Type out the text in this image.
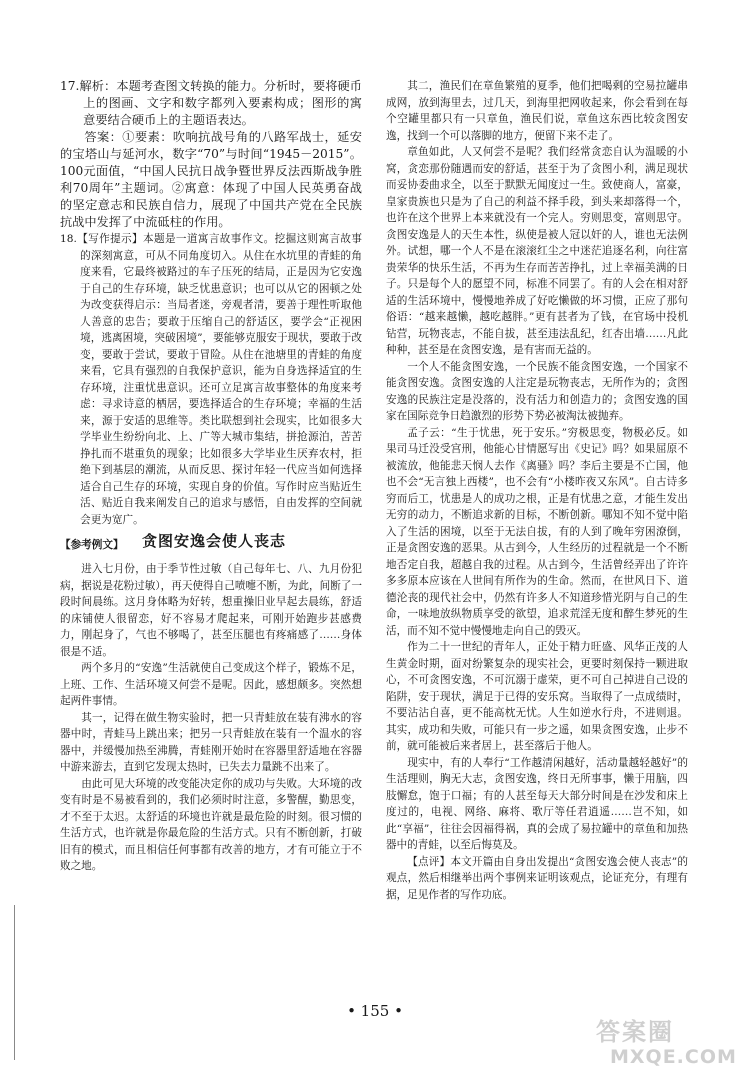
17.解析：本题考查图文转换的能力。分析时，要将硬币上的图画、文字和数字都列入要素构成；图形的寓意要结合硬币上的主题语表达。

答案：①要素：吹响抗战号角的八路军战士，延安的宝塔山与延河水，数字“70”与时间“1945－2015”。100元面值，“中国人民抗日战争暨世界反法西斯战争胜利70周年”主题词。②寓意：体现了中国人民英勇奋战的坚定意志和民族自信力，展现了中国共产党在全民族抗战中发挥了中流砥柱的作用。

18.【写作提示】本题是一道寓言故事作文。挖掘这则寓言故事的深刻寓意，可从不同角度切入。从住在水坑里的青蛙的角度来看，它最终被路过的车子压死的结局，正是因为它安逸于自己的生存环境，缺乏忧患意识；也可以从它的困顿之处为改变获得启示：当局者迷，旁观者清，要善于理性听取他人善意的忠告；要敢于压缩自己的舒适区，要学会“正视困境，逃离困境，突破困境”，要能够克服安于现状，要敢于改变，要敢于尝试，要敢于冒险。从住在池塘里的青蛙的角度来看，它具有强烈的自我保护意识，能为自身选择适宜的生存环境，注重忧患意识。还可立足寓言故事整体的角度来考虑：寻求诗意的栖居，要选择适合的生存环境；幸福的生活来，源于安适的思维等。类比联想到社会现实，比如很多大学毕业生纷纷向北、上、广等大城市集结，拼抢源泊，苦苦挣扎而不堪重负的现象；比如很多大学毕业生厌弃农村，拒绝下到基层的潮流，从而反思、探讨年轻一代应当如何选择适合自己生存的环境，实现自身的价值。写作时应当贴近生活、贴近自我来阐发自己的追求与感悟，自由发挥的空间就会更为宽广。

【参考例文】 贪图安逸会使人丧志

进入七月份，由于季节性过敏（自己每年七、八、九月份犯病，据说是花粉过敏），再天使得自己喷嚏不断，为此，间断了一段时间晨练。这月身体略为好转，想重操旧业早起去晨练，舒适的床铺使人很留恋，好不容易才爬起来，可刚开始跑步甚感费力，刚起身了，气也不够喝了，甚至压腿也有疼痛感了……身体很是不适。

两个多月的“安逸”生活就使自己变成这个样子，锻炼不足，上班、工作、生活环境又何尝不是呢。因此，感想颇多。突然想起两件事情。

其一，记得在做生物实验时，把一只青蛙放在装有沸水的容器中时，青蛙马上跳出来；把另一只青蛙放在装有一个温水的容器中，并缓慢加热至沸腾，青蛙刚开始时在容器里舒适地在容器中游来游去，直到它发现太热时，已失去力量跳不出来了。

由此可见大环境的改变能决定你的成功与失败。大环境的改变有时是不易被看到的，我们必须时时注意，多警醒，勤思变，才不至于太迟。太舒适的环境也许就是最危险的时刻。很习惯的生活方式，也许就是你最危险的生活方式。只有不断创新，打破旧有的模式，而且相信任何事都有改善的地方，才有可能立于不败之地。

其二，渔民们在章鱼繁殖的夏季，他们把喝剩的空易拉罐串成网，放到海里去，过几天，到海里把网收起来，你会看到在每个空罐里都只有一只章鱼，渔民们说，章鱼这东西比较贪图安逸，找到一个可以落脚的地方，便留下来不走了。

章鱼如此，人又何尝不是呢？我们经常贪恋自认为温暖的小窝，贪恋那份随遇而安的舒适，甚至于为了贪图小利，满足现状而妥协委曲求全，以至于默默无闻度过一生。致使商人，富豪，皇家贵族也只是为了自己的利益不择手段，到头来却落得一个，也许在这个世界上本来就没有一个完人。穷则思变，富则思守。贪图安逸是人的天生本性，纵使是被人冠以奸的人，谁也无法例外。试想，哪一个人不是在滚滚红尘之中迷茫追逐名利，向往富贵荣华的快乐生活，不再为生存而苦苦挣扎，过上幸福美满的日子。只是每个人的愿望不同，标准不同罢了。有的人会在相对舒适的生活环境中，慢慢地养成了好吃懒做的坏习惯，正应了那句俗语：“越来越懒，越吃越胖。”更有甚者为了钱，在官场中投机钻营，玩物丧志，不能自拔，甚至违法乱纪，红杏出墙……凡此种种，甚至是在贪图安逸，是有害而无益的。

一个人不能贪图安逸，一个民族不能贪图安逸，一个国家不能贪图安逸。贪图安逸的人注定是玩物丧志，无所作为的；贪图安逸的民族注定是没落的，没有活力和创造力的；贪图安逸的国家在国际竞争日趋激烈的形势下势必被淘汰被抛弃。

孟子云：“生于忧患，死于安乐。”穷极思变，物极必反。如果司马迁没受宫刑，他能心甘情愿写出《史记》吗？如果屈原不被流放，他能悲天悯人去作《离骚》吗？李后主要是不亡国，他也不会“无言独上西楼”，也不会有“小楼昨夜又东风”。自古诗多穷而后工，忧患是人的成功之根，正是有忧患之意，才能生发出无穷的动力，不断追求新的目标，不断创新。哪知不知不觉中陷入了生活的困境，以至于无法自拔，有的人到了晚年穷困潦倒，正是贪图安逸的恶果。从古到今，人生经历的过程就是一个不断地否定自我，超越自我的过程。从古到今，生活曾经弄出了许许多多原本应该在人世间有所作为的生命。然而，在世风日下、道德沦丧的现代社会中，仍然有许多人不知道珍惜光阴与自己的生命，一味地放纵物质享受的欲望，追求荒淫无度和醉生梦死的生活，而不知不觉中慢慢地走向自己的毁灭。

作为二十一世纪的青年人，正处于精力旺盛、风华正茂的人生黄金时期，面对纷繁复杂的现实社会，更要时刻保持一颗进取心，不可贪图安逸，不可沉溺于虚荣，更不可自己掉进自己设的陷阱，安于现状，满足于已得的安乐窝。当取得了一点成绩时，不要沾沾自喜，更不能高枕无忧。人生如逆水行舟，不进则退。其实，成功和失败，可能只有一步之遥，如果贪图安逸，止步不前，就可能被后来者居上，甚至落后于他人。

现实中，有的人奉行“工作越清闲越好，活动量越轻越好”的生活理则，胸无大志，贪图安逸，终日无所事事，懒于用脑，四肢懈怠，饱于口福；有的人甚至每天大部分时间是在沙发和床上度过的，电视、网络、麻将、歌厅等任君逍遥……岂不知，如此“享福”，往往会因福得祸，真的会成了易拉罐中的章鱼和加热器中的青蛙，以至后悔莫及。

【点评】本文开篇由自身出发提出“贪图安逸会使人丧志”的观点，然后相继举出两个事例来证明该观点，论证充分，有理有据，足见作者的写作功底。

• 155 •
答案圈
MXQE.COM
